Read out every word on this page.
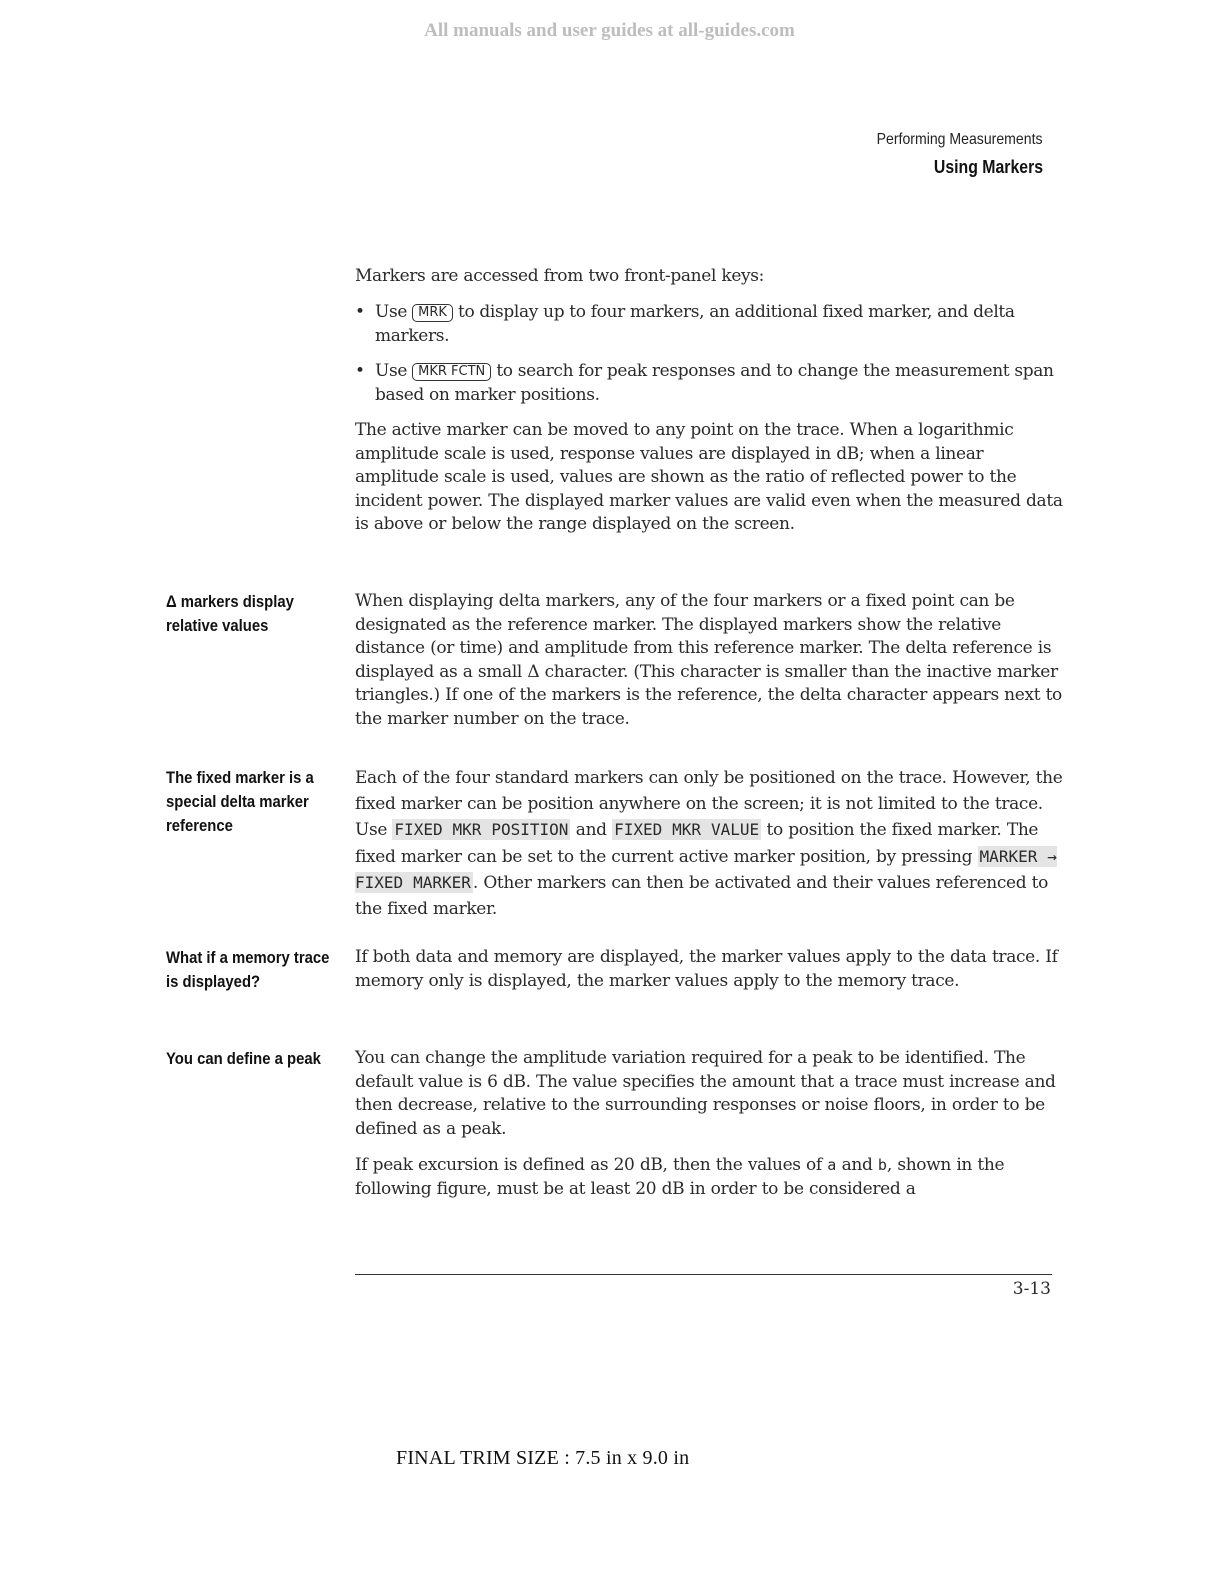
All manuals and user guides at all-guides.com
Performing Measurements
Using Markers

Markers are accessed from two front-panel keys:

• Use MRK to display up to four markers, an additional fixed marker, and delta markers.
• Use MKR FCTN to search for peak responses and to change the measurement span based on marker positions.

The active marker can be moved to any point on the trace. When a logarithmic amplitude scale is used, response values are displayed in dB; when a linear amplitude scale is used, values are shown as the ratio of reflected power to the incident power. The displayed marker values are valid even when the measured data is above or below the range displayed on the screen.

Δ markers display relative values

When displaying delta markers, any of the four markers or a fixed point can be designated as the reference marker. The displayed markers show the relative distance (or time) and amplitude from this reference marker. The delta reference is displayed as a small Δ character. (This character is smaller than the inactive marker triangles.) If one of the markers is the reference, the delta character appears next to the marker number on the trace.

The fixed marker is a special delta marker reference

Each of the four standard markers can only be positioned on the trace. However, the fixed marker can be position anywhere on the screen; it is not limited to the trace. Use FIXED MKR POSITION and FIXED MKR VALUE to position the fixed marker. The fixed marker can be set to the current active marker position, by pressing MARKER → FIXED MARKER . Other markers can then be activated and their values referenced to the fixed marker.

What if a memory trace is displayed?

If both data and memory are displayed, the marker values apply to the data trace. If memory only is displayed, the marker values apply to the memory trace.

You can define a peak	You can change the amplitude variation required for a peak to be identified. The default value is 6 dB. The value specifies the amount that a trace must increase and then decrease, relative to the surrounding responses or noise floors, in order to be defined as a peak.

If peak excursion is defined as 20 dB, then the values of a and b, shown in the following figure, must be at least 20 dB in order to be considered a

3-13
FINAL TRIM SIZE : 7.5 in x 9.0 in
